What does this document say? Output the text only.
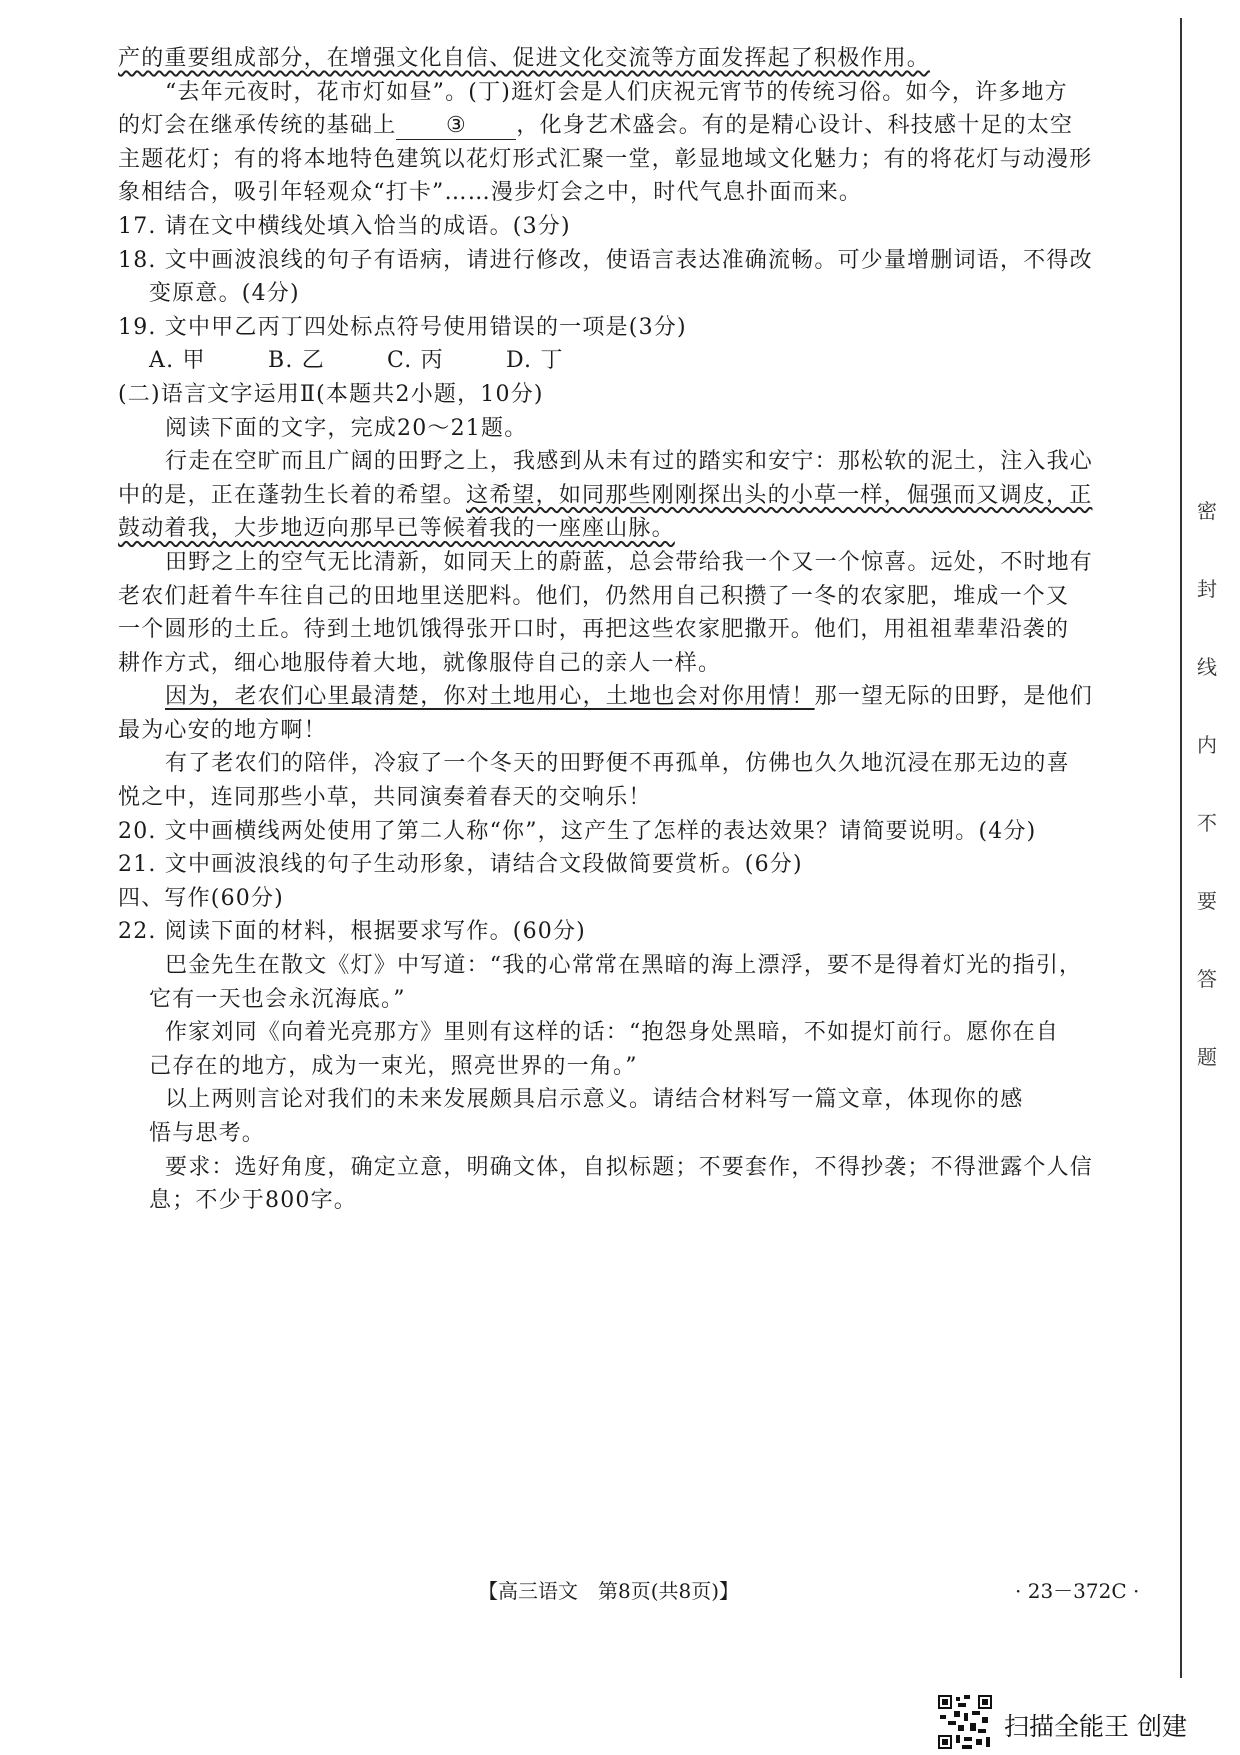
产的重要组成部分，在增强文化自信、促进文化交流等方面发挥起了积极作用。
“去年元夜时，花市灯如昼”。(丁)逛灯会是人们庆祝元宵节的传统习俗。如今，许多地方
的灯会在继承传统的基础上 ③ ，化身艺术盛会。有的是精心设计、科技感十足的太空
主题花灯；有的将本地特色建筑以花灯形式汇聚一堂，彰显地域文化魅力；有的将花灯与动漫形
象相结合，吸引年轻观众“打卡”……漫步灯会之中，时代气息扑面而来。
17. 请在文中横线处填入恰当的成语。(3分)
18. 文中画波浪线的句子有语病，请进行修改，使语言表达准确流畅。可少量增删词语，不得改
变原意。(4分)
19. 文中甲乙丙丁四处标点符号使用错误的一项是(3分)
A. 甲	B. 乙	C. 丙	D. 丁
(二)语言文字运用Ⅱ(本题共2小题，10分)
阅读下面的文字，完成20～21题。
行走在空旷而且广阔的田野之上，我感到从未有过的踏实和安宁：那松软的泥土，注入我心
中的是，正在蓬勃生长着的希望。这希望，如同那些刚刚探出头的小草一样，倔强而又调皮，正
鼓动着我，大步地迈向那早已等候着我的一座座山脉。
田野之上的空气无比清新，如同天上的蔚蓝，总会带给我一个又一个惊喜。远处，不时地有
老农们赶着牛车往自己的田地里送肥料。他们，仍然用自己积攒了一冬的农家肥，堆成一个又
一个圆形的土丘。待到土地饥饿得张开口时，再把这些农家肥撒开。他们，用祖祖辈辈沿袭的
耕作方式，细心地服侍着大地，就像服侍自己的亲人一样。
因为，老农们心里最清楚，你对土地用心，土地也会对你用情！那一望无际的田野，是他们
最为心安的地方啊！
有了老农们的陪伴，冷寂了一个冬天的田野便不再孤单，仿佛也久久地沉浸在那无边的喜
悦之中，连同那些小草，共同演奏着春天的交响乐！
20. 文中画横线两处使用了第二人称“你”，这产生了怎样的表达效果？请简要说明。(4分)
21. 文中画波浪线的句子生动形象，请结合文段做简要赏析。(6分)
四、写作(60分)
22. 阅读下面的材料，根据要求写作。(60分)
巴金先生在散文《灯》中写道：“我的心常常在黑暗的海上漂浮，要不是得着灯光的指引，
它有一天也会永沉海底。”
作家刘同《向着光亮那方》里则有这样的话：“抱怨身处黑暗，不如提灯前行。愿你在自
己存在的地方，成为一束光，照亮世界的一角。”
以上两则言论对我们的未来发展颇具启示意义。请结合材料写一篇文章，体现你的感
悟与思考。
要求：选好角度，确定立意，明确文体，自拟标题；不要套作，不得抄袭；不得泄露个人信
息；不少于800字。
【高三语文　第8页(共8页)】	· 23－372C ·
密
封
线
内
不
要
答
题
扫描全能王 创建
